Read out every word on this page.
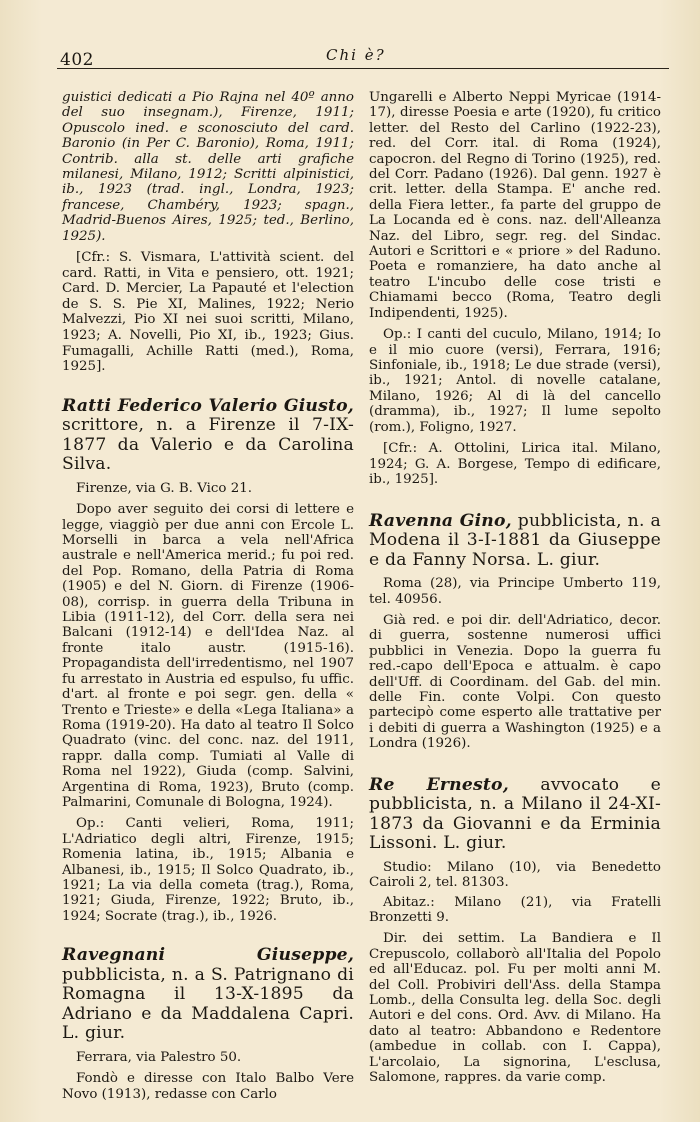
402	Chi è?

guistici dedicati a Pio Rajna nel 40º anno del suo insegnam.), Firenze, 1911; Opuscolo ined. e sconosciuto del card. Baronio (in Per C. Baronio), Roma, 1911; Contrib. alla st. delle arti grafiche milanesi, Milano, 1912; Scritti alpinistici, ib., 1923 (trad. ingl., Londra, 1923; francese, Chambéry, 1923; spagn., Madrid-Buenos Aires, 1925; ted., Berlino, 1925).

[Cfr.: S. Vismara, L'attività scient. del card. Ratti, in Vita e pensiero, ott. 1921; Card. D. Mercier, La Papauté et l'election de S. S. Pie XI, Malines, 1922; Nerio Malvezzi, Pio XI nei suoi scritti, Milano, 1923; A. Novelli, Pio XI, ib., 1923; Gius. Fumagalli, Achille Ratti (med.), Roma, 1925].

Ratti Federico Valerio Giusto, scrittore, n. a Firenze il 7-IX-1877 da Valerio e da Carolina Silva.

Firenze, via G. B. Vico 21.

Dopo aver seguito dei corsi di lettere e legge, viaggiò per due anni con Ercole L. Morselli in barca a vela nell'Africa australe e nell'America merid.; fu poi red. del Pop. Romano, della Patria di Roma (1905) e del N. Giorn. di Firenze (1906-08), corrisp. in guerra della Tribuna in Libia (1911-12), del Corr. della sera nei Balcani (1912-14) e dell'Idea Naz. al fronte italo austr. (1915-16). Propagandista dell'irredentismo, nel 1907 fu arrestato in Austria ed espulso, fu uffic. d'art. al fronte e poi segr. gen. della « Trento e Trieste» e della «Lega Italiana» a Roma (1919-20). Ha dato al teatro Il Solco Quadrato (vinc. del conc. naz. del 1911, rappr. dalla comp. Tumiati al Valle di Roma nel 1922), Giuda (comp. Salvini, Argentina di Roma, 1923), Bruto (comp. Palmarini, Comunale di Bologna, 1924).

Op.: Canti velieri, Roma, 1911; L'Adriatico degli altri, Firenze, 1915; Romenia latina, ib., 1915; Albania e Albanesi, ib., 1915; Il Solco Quadrato, ib., 1921; La via della cometa (trag.), Roma, 1921; Giuda, Firenze, 1922; Bruto, ib., 1924; Socrate (trag.), ib., 1926.

Ravegnani Giuseppe, pubblicista, n. a S. Patrignano di Romagna il 13-X-1895 da Adriano e da Maddalena Capri. L. giur.

Ferrara, via Palestro 50.

Fondò e diresse con Italo Balbo Vere Novo (1913), redasse con Carlo

Ungarelli e Alberto Neppi Myricae (1914-17), diresse Poesia e arte (1920), fu critico letter. del Resto del Carlino (1922-23), red. del Corr. ital. di Roma (1924), capocron. del Regno di Torino (1925), red. del Corr. Padano (1926). Dal genn. 1927 è crit. letter. della Stampa. E' anche red. della Fiera letter., fa parte del gruppo de La Locanda ed è cons. naz. dell'Alleanza Naz. del Libro, segr. reg. del Sindac. Autori e Scrittori e « priore » del Raduno. Poeta e romanziere, ha dato anche al teatro L'incubo delle cose tristi e Chiamami becco (Roma, Teatro degli Indipendenti, 1925).

Op.: I canti del cuculo, Milano, 1914; Io e il mio cuore (versi), Ferrara, 1916; Sinfoniale, ib., 1918; Le due strade (versi), ib., 1921; Antol. di novelle catalane, Milano, 1926; Al di là del cancello (dramma), ib., 1927; Il lume sepolto (rom.), Foligno, 1927.

[Cfr.: A. Ottolini, Lirica ital. Milano, 1924; G. A. Borgese, Tempo di edificare, ib., 1925].

Ravenna Gino, pubblicista, n. a Modena il 3-I-1881 da Giuseppe e da Fanny Norsa. L. giur.

Roma (28), via Principe Umberto 119, tel. 40956.

Già red. e poi dir. dell'Adriatico, decor. di guerra, sostenne numerosi uffici pubblici in Venezia. Dopo la guerra fu red.-capo dell'Epoca e attualm. è capo dell'Uff. di Coordinam. del Gab. del min. delle Fin. conte Volpi. Con questo partecipò come esperto alle trattative per i debiti di guerra a Washington (1925) e a Londra (1926).

Re Ernesto, avvocato e pubblicista, n. a Milano il 24-XI-1873 da Giovanni e da Erminia Lissoni. L. giur.

Studio: Milano (10), via Benedetto Cairoli 2, tel. 81303.

Abitaz.: Milano (21), via Fratelli Bronzetti 9.

Dir. dei settim. La Bandiera e Il Crepuscolo, collaborò all'Italia del Popolo ed all'Educaz. pol. Fu per molti anni M. del Coll. Probiviri dell'Ass. della Stampa Lomb., della Consulta leg. della Soc. degli Autori e del cons. Ord. Avv. di Milano. Ha dato al teatro: Abbandono e Redentore (ambedue in collab. con I. Cappa), L'arcolaio, La signorina, L'esclusa, Salomone, rappres. da varie comp.
